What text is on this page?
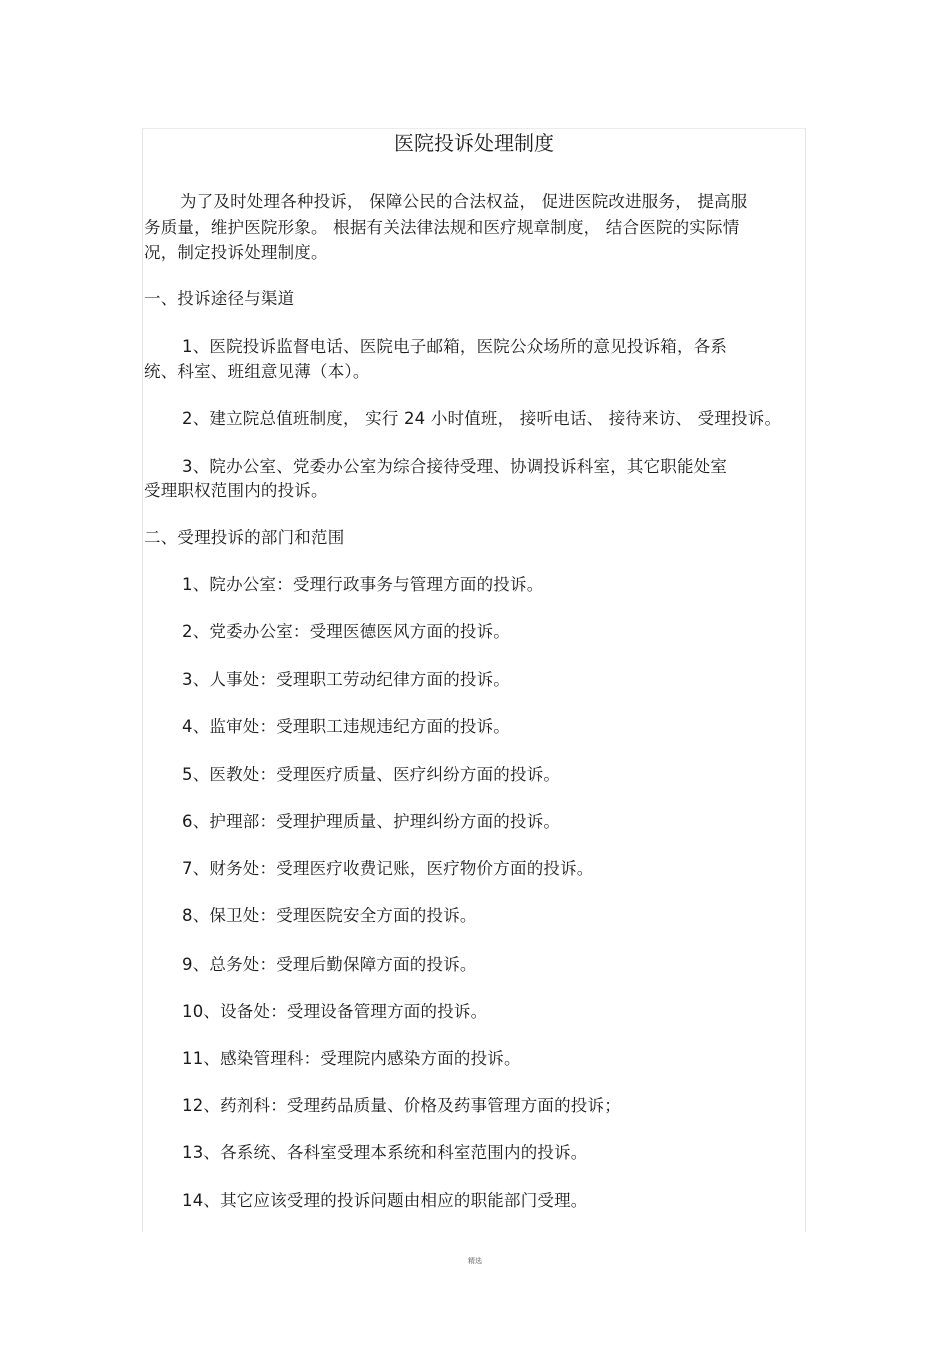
医院投诉处理制度
为了及时处理各种投诉， 保障公民的合法权益， 促进医院改进服务， 提高服
务质量，维护医院形象。 根据有关法律法规和医疗规章制度， 结合医院的实际情
况，制定投诉处理制度。
一、投诉途径与渠道
1、医院投诉监督电话、医院电子邮箱，医院公众场所的意见投诉箱，各系
统、科室、班组意见薄（本）。
2、建立院总值班制度， 实行 24 小时值班， 接听电话、 接待来访、 受理投诉。
3、院办公室、党委办公室为综合接待受理、协调投诉科室，其它职能处室
受理职权范围内的投诉。
二、受理投诉的部门和范围
1、院办公室：受理行政事务与管理方面的投诉。
2、党委办公室：受理医德医风方面的投诉。
3、人事处：受理职工劳动纪律方面的投诉。
4、监审处：受理职工违规违纪方面的投诉。
5、医教处：受理医疗质量、医疗纠纷方面的投诉。
6、护理部：受理护理质量、护理纠纷方面的投诉。
7、财务处：受理医疗收费记账，医疗物价方面的投诉。
8、保卫处：受理医院安全方面的投诉。
9、总务处：受理后勤保障方面的投诉。
10、设备处：受理设备管理方面的投诉。
11、感染管理科：受理院内感染方面的投诉。
12、药剂科：受理药品质量、价格及药事管理方面的投诉；
13、各系统、各科室受理本系统和科室范围内的投诉。
14、其它应该受理的投诉问题由相应的职能部门受理。
精选
